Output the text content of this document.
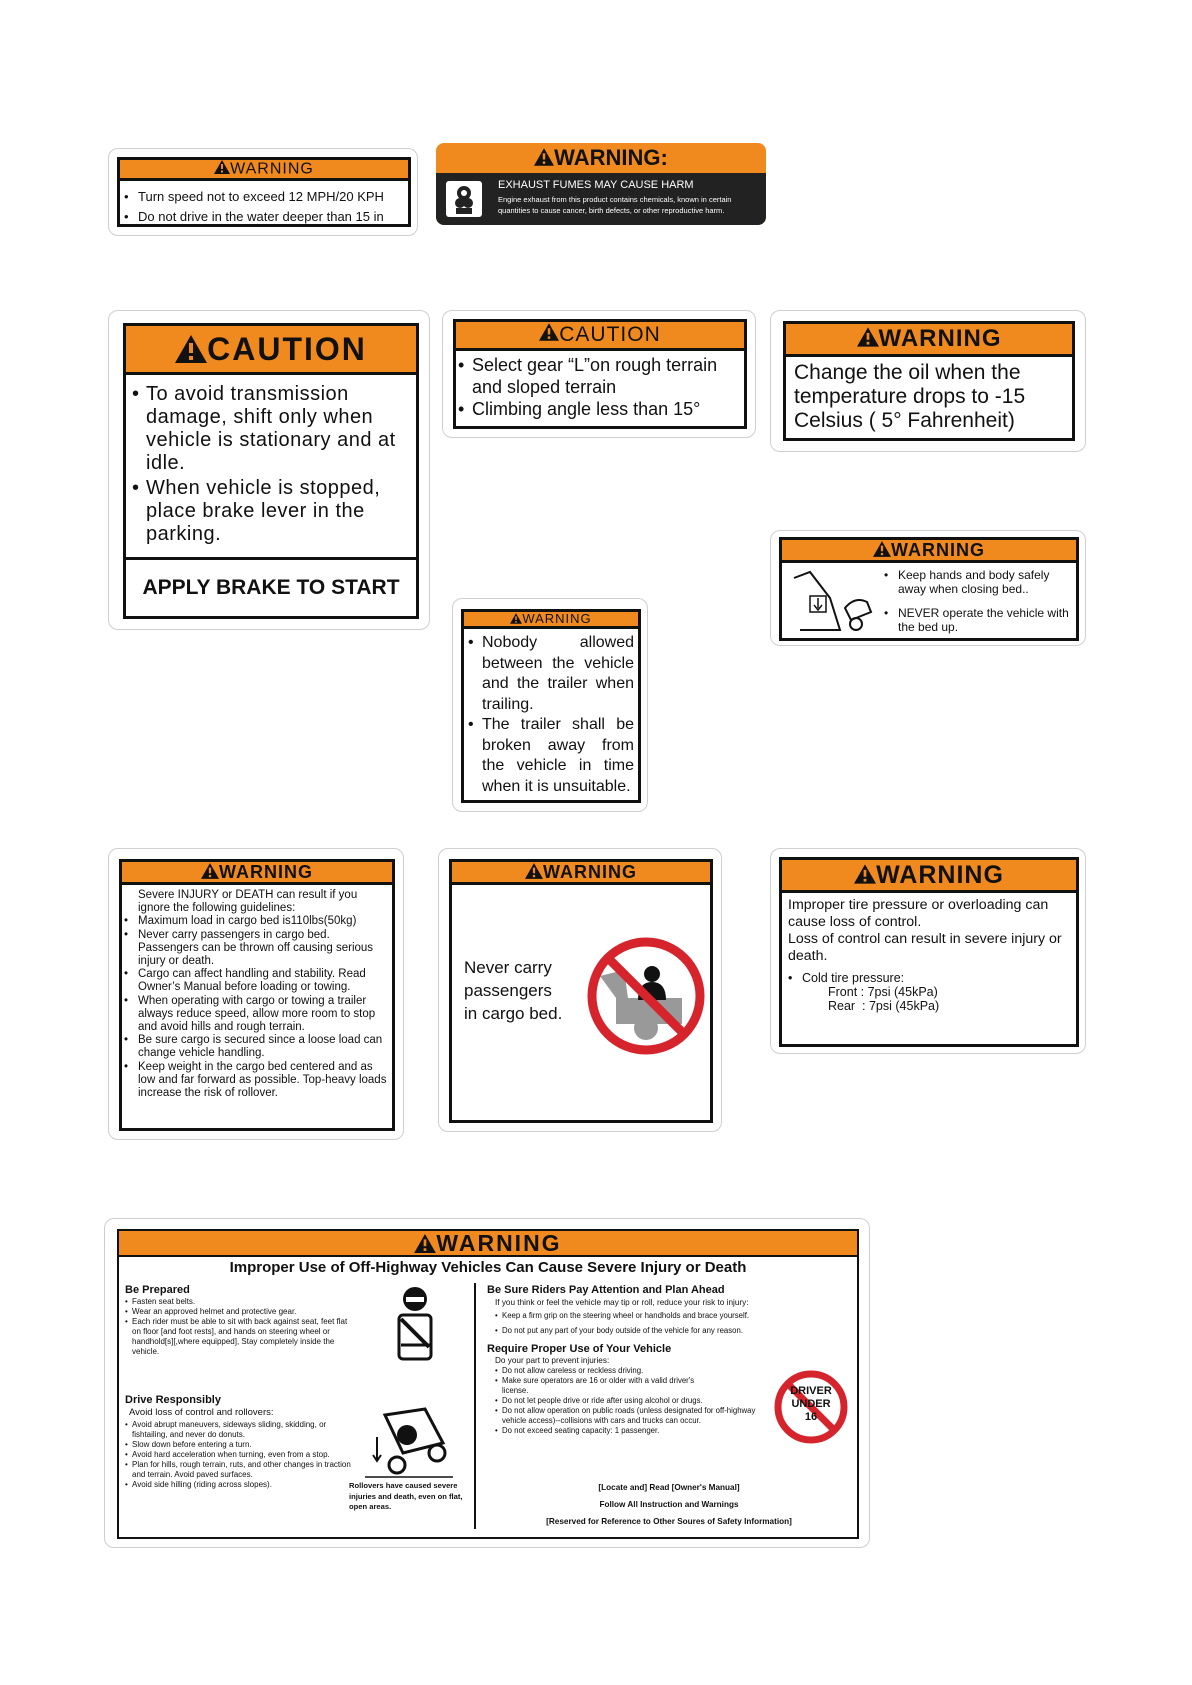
WARNING
• Turn speed not to exceed 12 MPH/20 KPH
• Do not drive in the water deeper than 15 in
WARNING:
EXHAUST FUMES MAY CAUSE HARM
Engine exhaust from this product contains chemicals, known in certain
quantities to cause cancer, birth defects, or other reproductive harm.
CAUTION
• To avoid transmission damage, shift only when vehicle is stationary and at idle.
• When vehicle is stopped, place brake lever in the parking.
APPLY BRAKE TO START
CAUTION
• Select gear “L”on rough terrain and sloped terrain
• Climbing angle less than 15°
WARNING
Change the oil when the temperature drops to -15 Celsius ( 5° Fahrenheit)
WARNING
• Keep hands and body safely away when closing bed..
• NEVER operate the vehicle with the bed up.
WARNING
• Nobody allowed between the vehicle and the trailer when trailing.
• The trailer shall be broken away from the vehicle in time when it is unsuitable.
WARNING
Severe INJURY or DEATH can result if you ignore the following guidelines:
• Maximum load in cargo bed is110lbs(50kg)
• Never carry passengers in cargo bed. Passengers can be thrown off causing serious injury or death.
• Cargo can affect handling and stability. Read Owner’s Manual before loading or towing.
• When operating with cargo or towing a trailer always reduce speed, allow more room to stop and avoid hills and rough terrain.
• Be sure cargo is secured since a loose load can change vehicle handling.
• Keep weight in the cargo bed centered and as low and far forward as possible. Top-heavy loads increase the risk of rollover.
WARNING
Never carry
passengers
in cargo bed.
WARNING
Improper tire pressure or overloading can cause loss of control.
Loss of control can result in severe injury or death.
• Cold tire pressure:
Front : 7psi (45kPa)
Rear  : 7psi (45kPa)
WARNING
Improper Use of Off-Highway Vehicles Can Cause Severe Injury or Death
Be Prepared
• Fasten seat belts.
• Wear an approved helmet and protective gear.
• Each rider must be able to sit with back against seat, feet flat on floor [and foot rests], and hands on steering wheel or handhold[s][,where equipped], Stay completely inside the vehicle.
Drive Responsibly
Avoid loss of control and rollovers:
• Avoid abrupt maneuvers, sideways sliding, skidding, or fishtailing, and never do donuts.
• Slow down before entering a turn.
• Avoid hard acceleration when turning, even from a stop.
• Plan for hills, rough terrain, ruts, and other changes in traction and terrain. Avoid paved surfaces.
• Avoid side hilling (riding across slopes).	Rollovers have caused severe injuries and death, even on flat, open areas.
Be Sure Riders Pay Attention and Plan Ahead
If you think or feel the vehicle may tip or roll, reduce your risk to injury:
• Keep a firm grip on the steering wheel or handholds and brace yourself.
• Do not put any part of your body outside of the vehicle for any reason.
Require Proper Use of Your Vehicle
Do your part to prevent injuries:
• Do not allow careless or reckless driving.
• Make sure operators are 16 or older with a valid driver's license.
• Do not let people drive or ride after using alcohol or drugs.
• Do not allow operation on public roads (unless designated for off-highway vehicle access)--collisions with cars and trucks can occur.
• Do not exceed seating capacity: 1 passenger.
DRIVER
UNDER
16
[Locate and] Read [Owner's Manual]
Follow All Instruction and Warnings
[Reserved for Reference to Other Soures of Safety Information]
